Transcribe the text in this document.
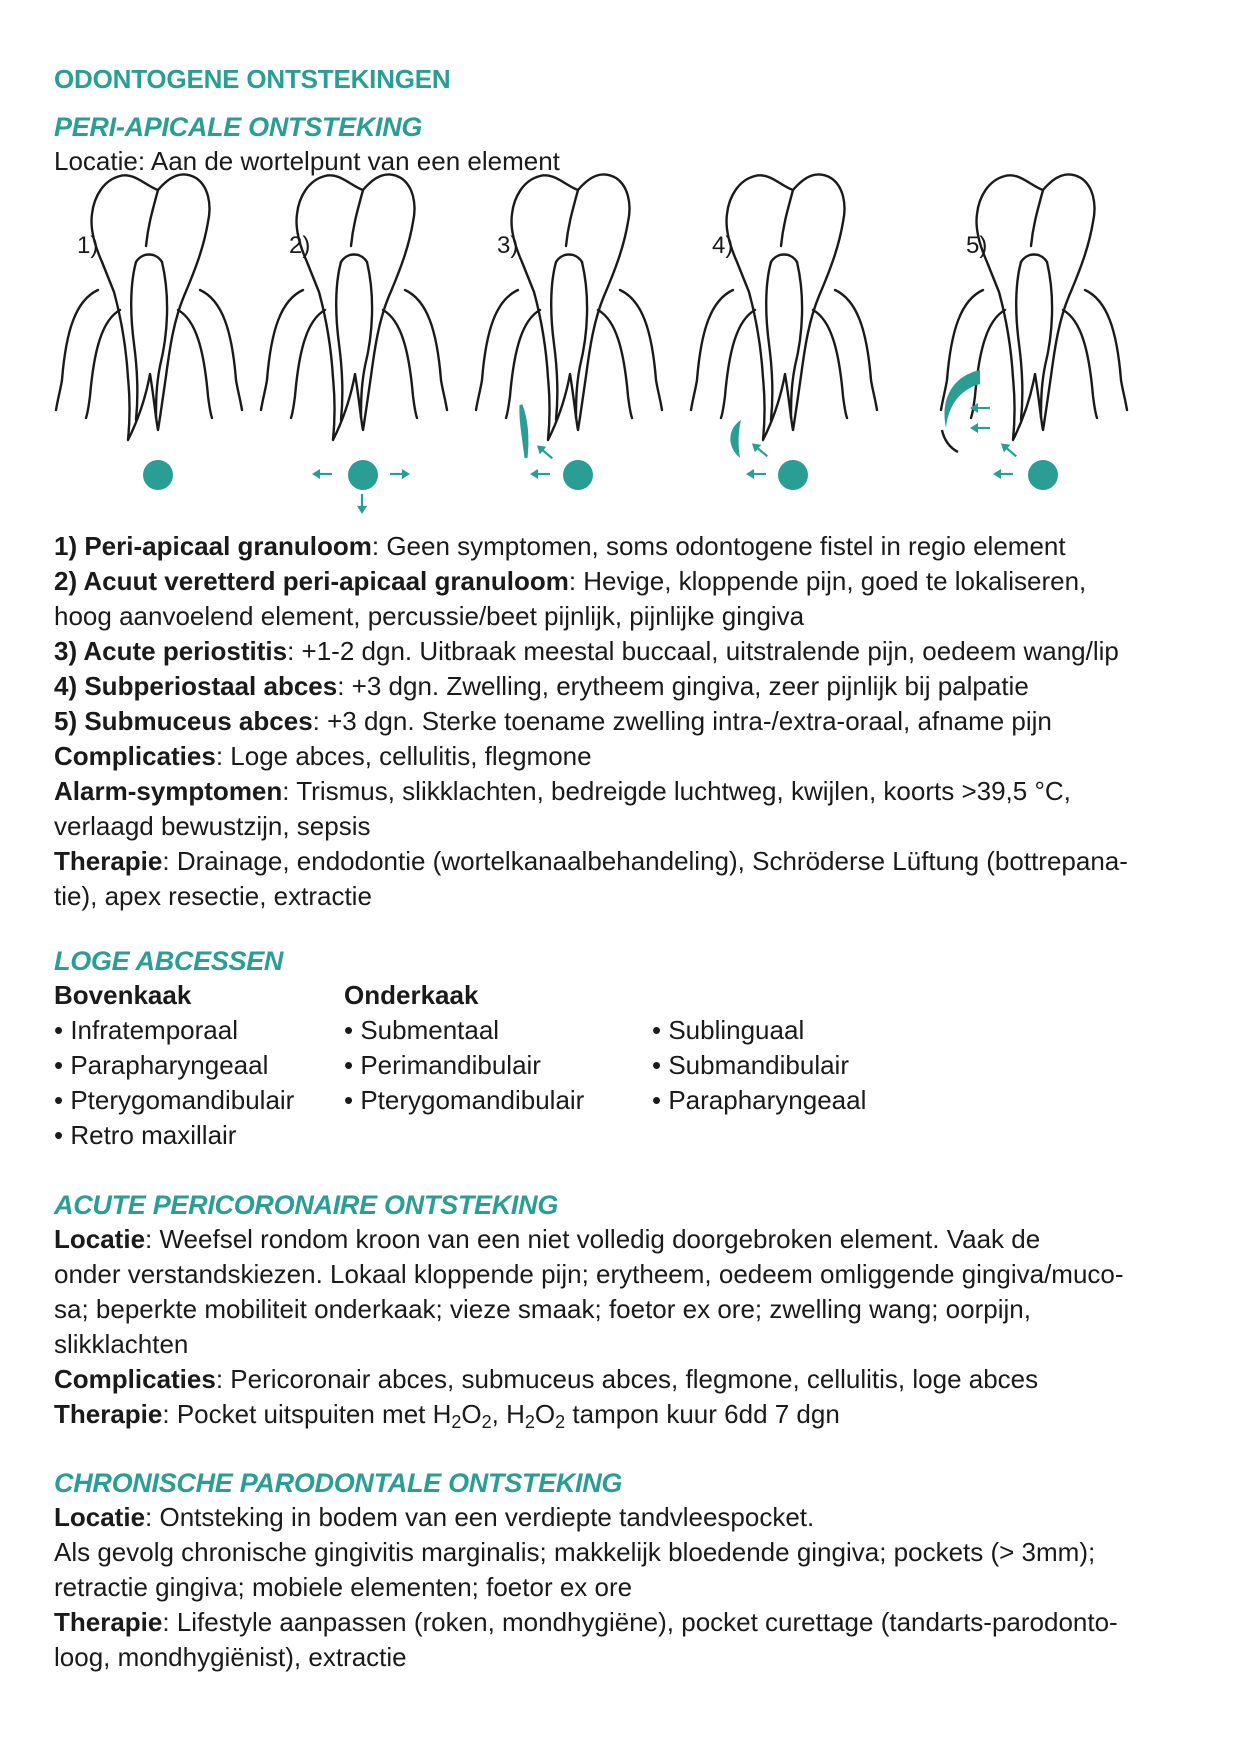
ODONTOGENE ONTSTEKINGEN
PERI-APICALE ONTSTEKING
Locatie: Aan de wortelpunt van een element
1)	2)	3)	4)	5)
1) Peri-apicaal granuloom: Geen symptomen, soms odontogene fistel in regio element
2) Acuut veretterd peri-apicaal granuloom: Hevige, kloppende pijn, goed te lokaliseren,
hoog aanvoelend element, percussie/beet pijnlijk, pijnlijke gingiva
3) Acute periostitis: +1-2 dgn. Uitbraak meestal buccaal, uitstralende pijn, oedeem wang/lip
4) Subperiostaal abces: +3 dgn. Zwelling, erytheem gingiva, zeer pijnlijk bij palpatie
5) Submuceus abces: +3 dgn. Sterke toename zwelling intra-/extra-oraal, afname pijn
Complicaties: Loge abces, cellulitis, flegmone
Alarm-symptomen: Trismus, slikklachten, bedreigde luchtweg, kwijlen, koorts >39,5 °C,
verlaagd bewustzijn, sepsis
Therapie: Drainage, endodontie (wortelkanaalbehandeling), Schröderse Lüftung (bottrepana-
tie), apex resectie, extractie
LOGE ABCESSEN
Bovenkaak	Onderkaak
• Infratemporaal
• Parapharyngeaal
• Pterygomandibulair
• Retro maxillair
• Submentaal
• Perimandibulair
• Pterygomandibulair
• Sublinguaal
• Submandibulair
• Parapharyngeaal
ACUTE PERICORONAIRE ONTSTEKING
Locatie: Weefsel rondom kroon van een niet volledig doorgebroken element. Vaak de
onder verstandskiezen. Lokaal kloppende pijn; erytheem, oedeem omliggende gingiva/muco-
sa; beperkte mobiliteit onderkaak; vieze smaak; foetor ex ore; zwelling wang; oorpijn,
slikklachten
Complicaties: Pericoronair abces, submuceus abces, flegmone, cellulitis, loge abces
Therapie: Pocket uitspuiten met $H_2O_2$, $H_2O_2$ tampon kuur 6dd 7 dgn
CHRONISCHE PARODONTALE ONTSTEKING
Locatie: Ontsteking in bodem van een verdiepte tandvleespocket.
Als gevolg chronische gingivitis marginalis; makkelijk bloedende gingiva; pockets (> 3mm);
retractie gingiva; mobiele elementen; foetor ex ore
Therapie: Lifestyle aanpassen (roken, mondhygiëne), pocket curettage (tandarts-parodonto-
loog, mondhygiënist), extractie
